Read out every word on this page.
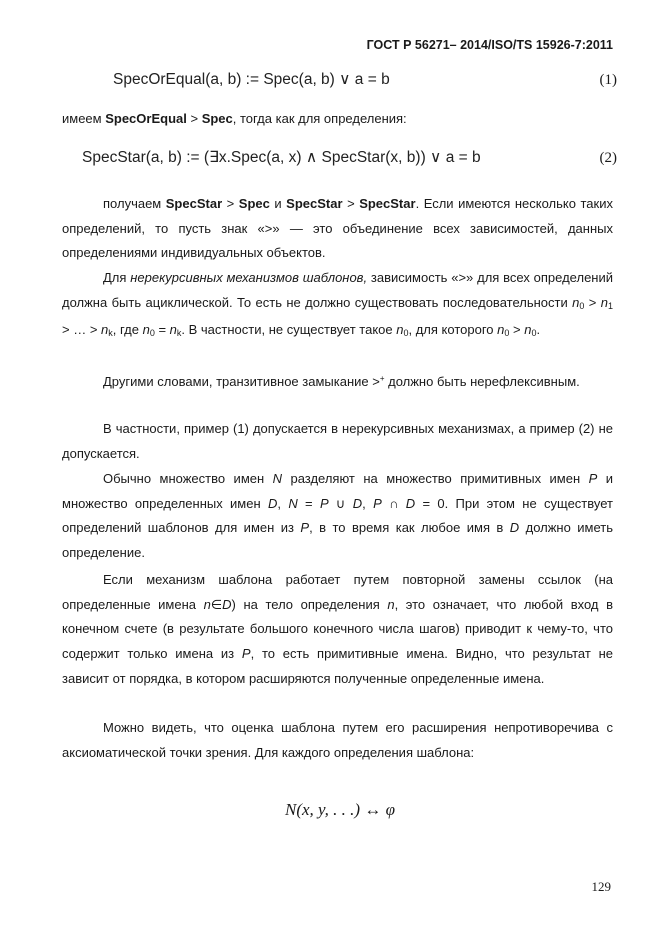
ГОСТ Р 56271– 2014/ISO/TS 15926-7:2011
SpecOrEqual(a, b) := Spec(a, b) ∨ a = b	(1)
имеем SpecOrEqual > Spec, тогда как для определения:
SpecStar(a, b) := (∃x.Spec(a, x) ∧ SpecStar(x, b)) ∨ a = b	(2)
получаем SpecStar > Spec и SpecStar > SpecStar. Если имеются несколько таких определений, то пусть знак «>» — это объединение всех зависимостей, данных определениями индивидуальных объектов.
Для нерекурсивных механизмов шаблонов, зависимость «>» для всех определений должна быть ациклической. То есть не должно существовать последовательности $n_0 > n_1$ > … > $n_k$, где $n_0 = n_k$. В частности, не существует такое $n_0$, для которого $n_0 > n_0$.
Другими словами, транзитивное замыкание >+ должно быть нерефлексивным.
В частности, пример (1) допускается в нерекурсивных механизмах, а пример (2) не допускается.
Обычно множество имен N разделяют на множество примитивных имен P и множество определенных имен D, N = P ∪ D, P ∩ D = 0. При этом не существует определений шаблонов для имен из P, в то время как любое имя в D должно иметь определение.
Если механизм шаблона работает путем повторной замены ссылок (на определенные имена n∈D) на тело определения n, это означает, что любой вход в конечном счете (в результате большого конечного числа шагов) приводит к чему-то, что содержит только имена из P, то есть примитивные имена. Видно, что результат не зависит от порядка, в котором расширяются полученные определенные имена.
Можно видеть, что оценка шаблона путем его расширения непротиворечива с аксиоматической точки зрения. Для каждого определения шаблона:
N(x, y, . . .) ↔ φ
129
